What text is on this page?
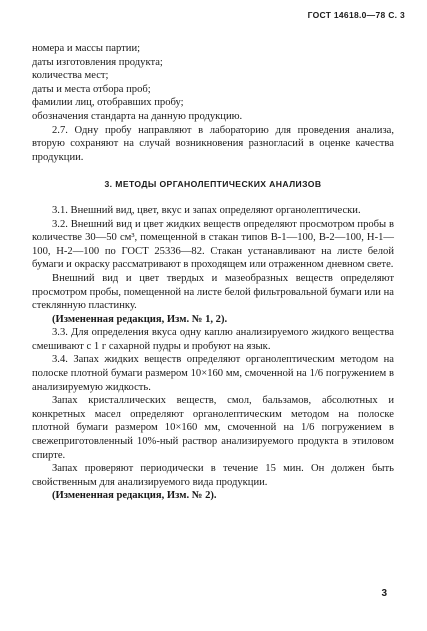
ГОСТ 14618.0—78 С. 3

номера и массы партии;

даты изготовления продукта;

количества мест;

даты и места отбора проб;

фамилии лиц, отобравших пробу;

обозначения стандарта на данную продукцию.

2.7. Одну пробу направляют в лабораторию для проведения анализа, вторую сохраняют на случай возникновения разногласий в оценке качества продукции.

3. МЕТОДЫ ОРГАНОЛЕПТИЧЕСКИХ АНАЛИЗОВ

3.1. Внешний вид, цвет, вкус и запах определяют органолептически.

3.2. Внешний вид и цвет жидких веществ определяют просмотром пробы в количестве 30—50 см³, помещенной в стакан типов В-1—100, В-2—100, Н-1—100, Н-2—100 по ГОСТ 25336—82. Стакан устанавливают на листе белой бумаги и окраску рассматривают в проходящем или отраженном дневном свете.

Внешний вид и цвет твердых и мазеобразных веществ определяют просмотром пробы, помещенной на листе белой фильтровальной бумаги или на стеклянную пластинку.

(Измененная редакция, Изм. № 1, 2).

3.3. Для определения вкуса одну каплю анализируемого жидкого вещества смешивают с 1 г сахарной пудры и пробуют на язык.

3.4. Запах жидких веществ определяют органолептическим методом на полоске плотной бумаги размером 10×160 мм, смоченной на 1/6 погружением в анализируемую жидкость.

Запах кристаллических веществ, смол, бальзамов, абсолютных и конкретных масел определяют органолептическим методом на полоске плотной бумаги размером 10×160 мм, смоченной на 1/6 погружением в свежеприготовленный 10%-ный раствор анализируемого продукта в этиловом спирте.

Запах проверяют периодически в течение 15 мин. Он должен быть свойственным для анализируемого вида продукции.

(Измененная редакция, Изм. № 2).

3
